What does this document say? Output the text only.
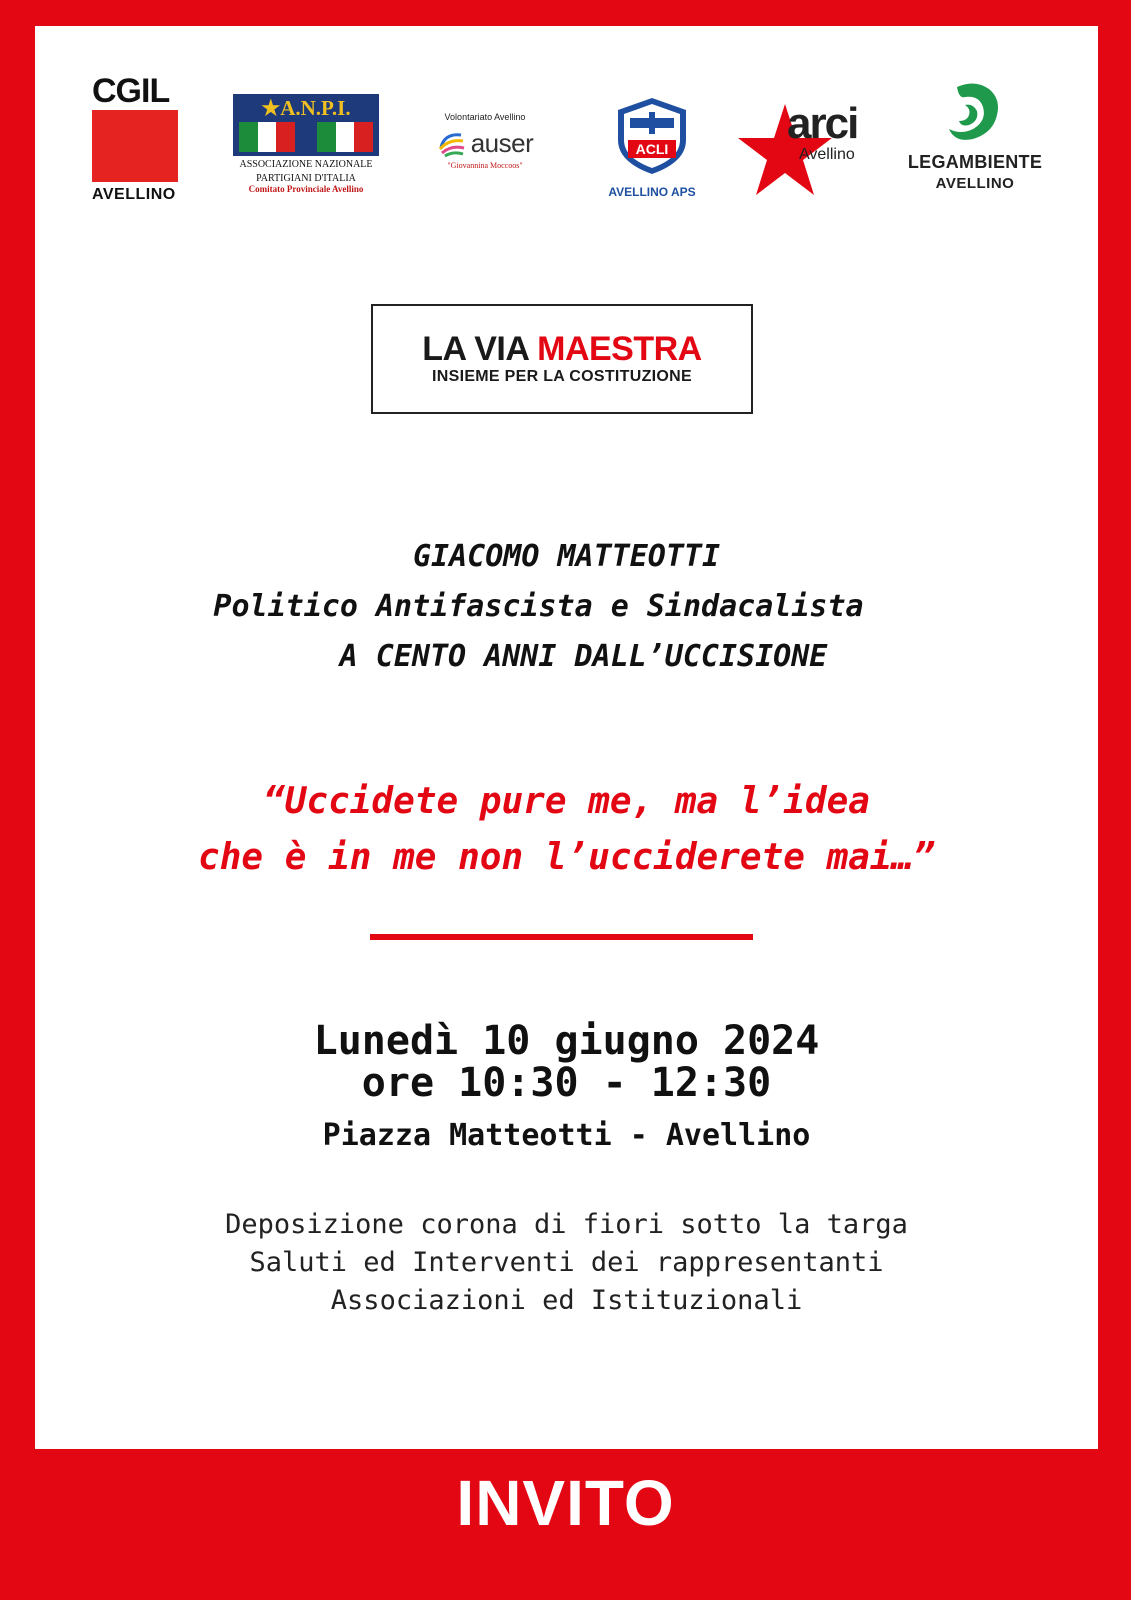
CGIL
AVELLINO
★A.N.P.I.
ASSOCIAZIONE NAZIONALE
PARTIGIANI D'ITALIA
Comitato Provinciale Avellino
Volontariato Avellino
auser
"Giovannina Moccoos"
ACLI
AVELLINO APS
arci
Avellino	LEGAMBIENTE
AVELLINO
LA VIA MAESTRA
INSIEME PER LA COSTITUZIONE
GIACOMO MATTEOTTI
Politico Antifascista e Sindacalista
A CENTO ANNI DALL’UCCISIONE
“Uccidete pure me, ma l’idea
che è in me non l’ucciderete mai…”
Lunedì 10 giugno 2024
ore 10:30 - 12:30
Piazza Matteotti - Avellino
Deposizione corona di fiori sotto la targa
Saluti ed Interventi dei rappresentanti
Associazioni ed Istituzionali
INVITO
